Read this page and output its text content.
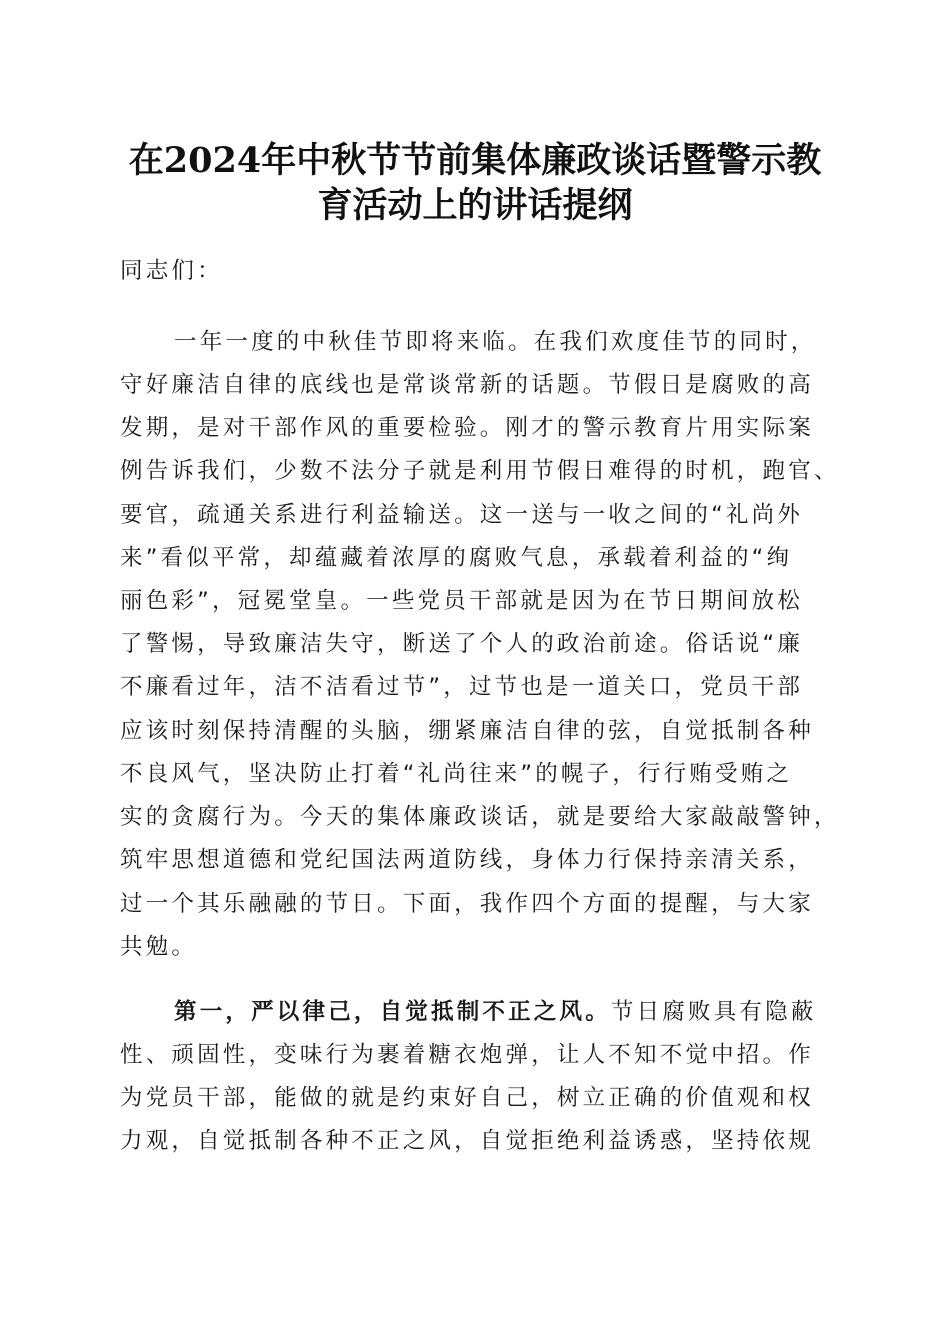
在2024年中秋节节前集体廉政谈话暨警示教
育活动上的讲话提纲
同志们：
一年一度的中秋佳节即将来临。在我们欢度佳节的同时，
守好廉洁自律的底线也是常谈常新的话题。节假日是腐败的高
发期，是对干部作风的重要检验。刚才的警示教育片用实际案
例告诉我们，少数不法分子就是利用节假日难得的时机，跑官、
要官，疏通关系进行利益输送。这一送与一收之间的“礼尚外
来”看似平常，却蕴藏着浓厚的腐败气息，承载着利益的“绚
丽色彩”，冠冕堂皇。一些党员干部就是因为在节日期间放松
了警惕，导致廉洁失守，断送了个人的政治前途。俗话说“廉
不廉看过年，洁不洁看过节”，过节也是一道关口，党员干部
应该时刻保持清醒的头脑，绷紧廉洁自律的弦，自觉抵制各种
不良风气，坚决防止打着“礼尚往来”的幌子，行行贿受贿之
实的贪腐行为。今天的集体廉政谈话，就是要给大家敲敲警钟，
筑牢思想道德和党纪国法两道防线，身体力行保持亲清关系，
过一个其乐融融的节日。下面，我作四个方面的提醒，与大家
共勉。
第一，严以律己，自觉抵制不正之风。节日腐败具有隐蔽
性、顽固性，变味行为裹着糖衣炮弹，让人不知不觉中招。作
为党员干部，能做的就是约束好自己，树立正确的价值观和权
力观，自觉抵制各种不正之风，自觉拒绝利益诱惑，坚持依规
